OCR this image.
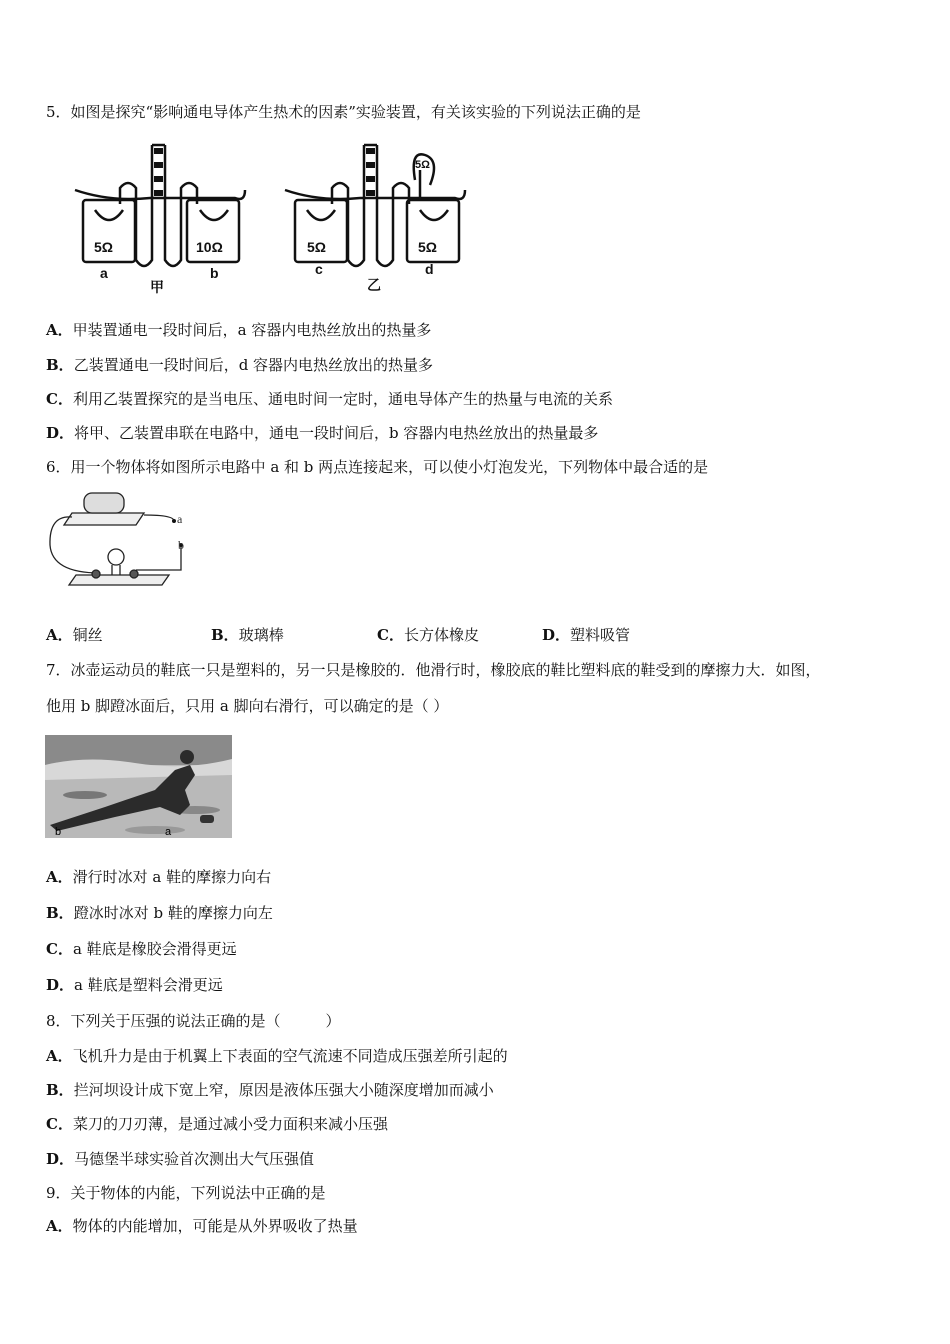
5．如图是探究“影响通电导体产生热术的因素”实验装置，有关该实验的下列说法正确的是
5Ω	10Ω
a	b
甲
5Ω	5Ω
5Ω
c	d
乙
A．甲装置通电一段时间后，a 容器内电热丝放出的热量多
B．乙装置通电一段时间后，d 容器内电热丝放出的热量多
C．利用乙装置探究的是当电压、通电时间一定时，通电导体产生的热量与电流的关系
D．将甲、乙装置串联在电路中，通电一段时间后，b 容器内电热丝放出的热量最多
6．用一个物体将如图所示电路中 a 和 b 两点连接起来，可以使小灯泡发光，下列物体中最合适的是
a
b
A．铜丝	B．玻璃棒	C．长方体橡皮	D．塑料吸管
7．冰壶运动员的鞋底一只是塑料的，另一只是橡胶的．他滑行时，橡胶底的鞋比塑料底的鞋受到的摩擦力大．如图，
他用 b 脚蹬冰面后，只用 a 脚向右滑行，可以确定的是（ ）
b	a
A．滑行时冰对 a 鞋的摩擦力向右
B．蹬冰时冰对 b 鞋的摩擦力向左
C．a 鞋底是橡胶会滑得更远
D．a 鞋底是塑料会滑更远
8．下列关于压强的说法正确的是（　　　）
A．飞机升力是由于机翼上下表面的空气流速不同造成压强差所引起的
B．拦河坝设计成下宽上窄，原因是液体压强大小随深度增加而减小
C．菜刀的刀刃薄，是通过减小受力面积来减小压强
D．马德堡半球实验首次测出大气压强值
9．关于物体的内能，下列说法中正确的是
A．物体的内能增加，可能是从外界吸收了热量
